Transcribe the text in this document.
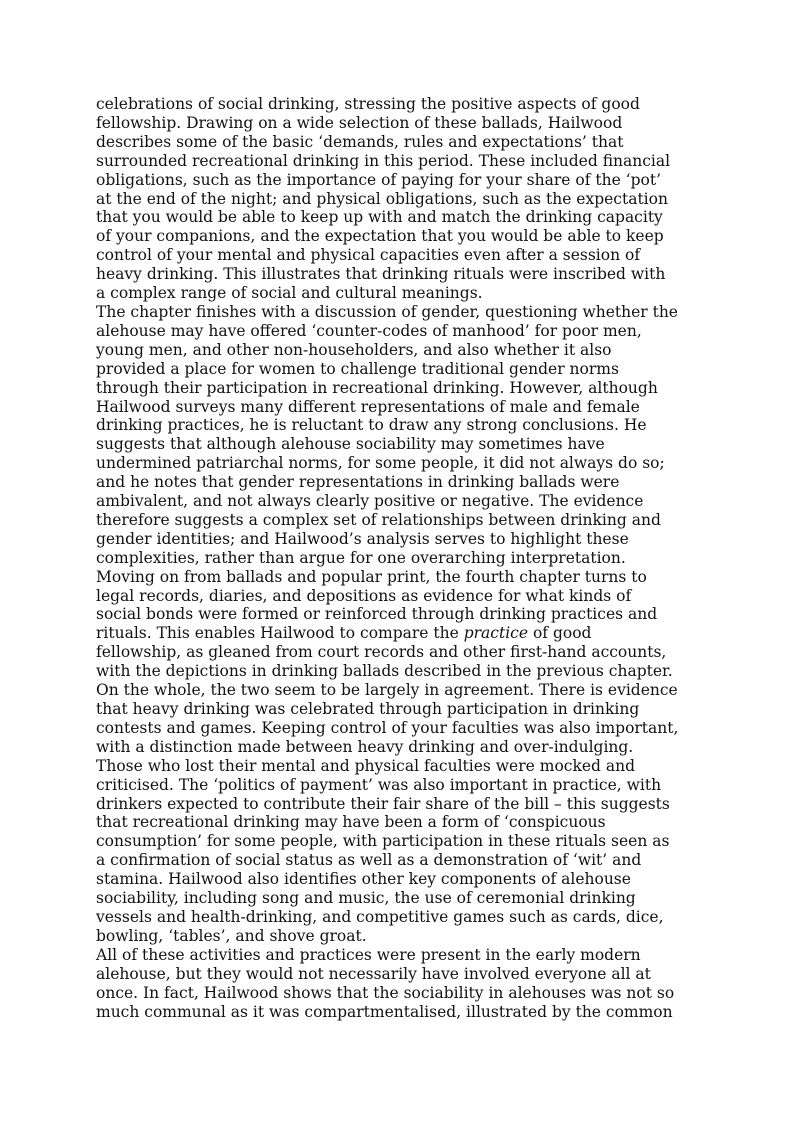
celebrations of social drinking, stressing the positive aspects of good
fellowship. Drawing on a wide selection of these ballads, Hailwood
describes some of the basic ‘demands, rules and expectations’ that
surrounded recreational drinking in this period. These included financial
obligations, such as the importance of paying for your share of the ‘pot’
at the end of the night; and physical obligations, such as the expectation
that you would be able to keep up with and match the drinking capacity
of your companions, and the expectation that you would be able to keep
control of your mental and physical capacities even after a session of
heavy drinking. This illustrates that drinking rituals were inscribed with
a complex range of social and cultural meanings.
The chapter finishes with a discussion of gender, questioning whether the
alehouse may have offered ‘counter-codes of manhood’ for poor men,
young men, and other non-householders, and also whether it also
provided a place for women to challenge traditional gender norms
through their participation in recreational drinking. However, although
Hailwood surveys many different representations of male and female
drinking practices, he is reluctant to draw any strong conclusions. He
suggests that although alehouse sociability may sometimes have
undermined patriarchal norms, for some people, it did not always do so;
and he notes that gender representations in drinking ballads were
ambivalent, and not always clearly positive or negative. The evidence
therefore suggests a complex set of relationships between drinking and
gender identities; and Hailwood’s analysis serves to highlight these
complexities, rather than argue for one overarching interpretation.
Moving on from ballads and popular print, the fourth chapter turns to
legal records, diaries, and depositions as evidence for what kinds of
social bonds were formed or reinforced through drinking practices and
rituals. This enables Hailwood to compare the practice of good
fellowship, as gleaned from court records and other first-hand accounts,
with the depictions in drinking ballads described in the previous chapter.
On the whole, the two seem to be largely in agreement. There is evidence
that heavy drinking was celebrated through participation in drinking
contests and games. Keeping control of your faculties was also important,
with a distinction made between heavy drinking and over-indulging.
Those who lost their mental and physical faculties were mocked and
criticised. The ‘politics of payment’ was also important in practice, with
drinkers expected to contribute their fair share of the bill – this suggests
that recreational drinking may have been a form of ‘conspicuous
consumption’ for some people, with participation in these rituals seen as
a confirmation of social status as well as a demonstration of ‘wit’ and
stamina. Hailwood also identifies other key components of alehouse
sociability, including song and music, the use of ceremonial drinking
vessels and health-drinking, and competitive games such as cards, dice,
bowling, ‘tables’, and shove groat.
All of these activities and practices were present in the early modern
alehouse, but they would not necessarily have involved everyone all at
once. In fact, Hailwood shows that the sociability in alehouses was not so
much communal as it was compartmentalised, illustrated by the common
